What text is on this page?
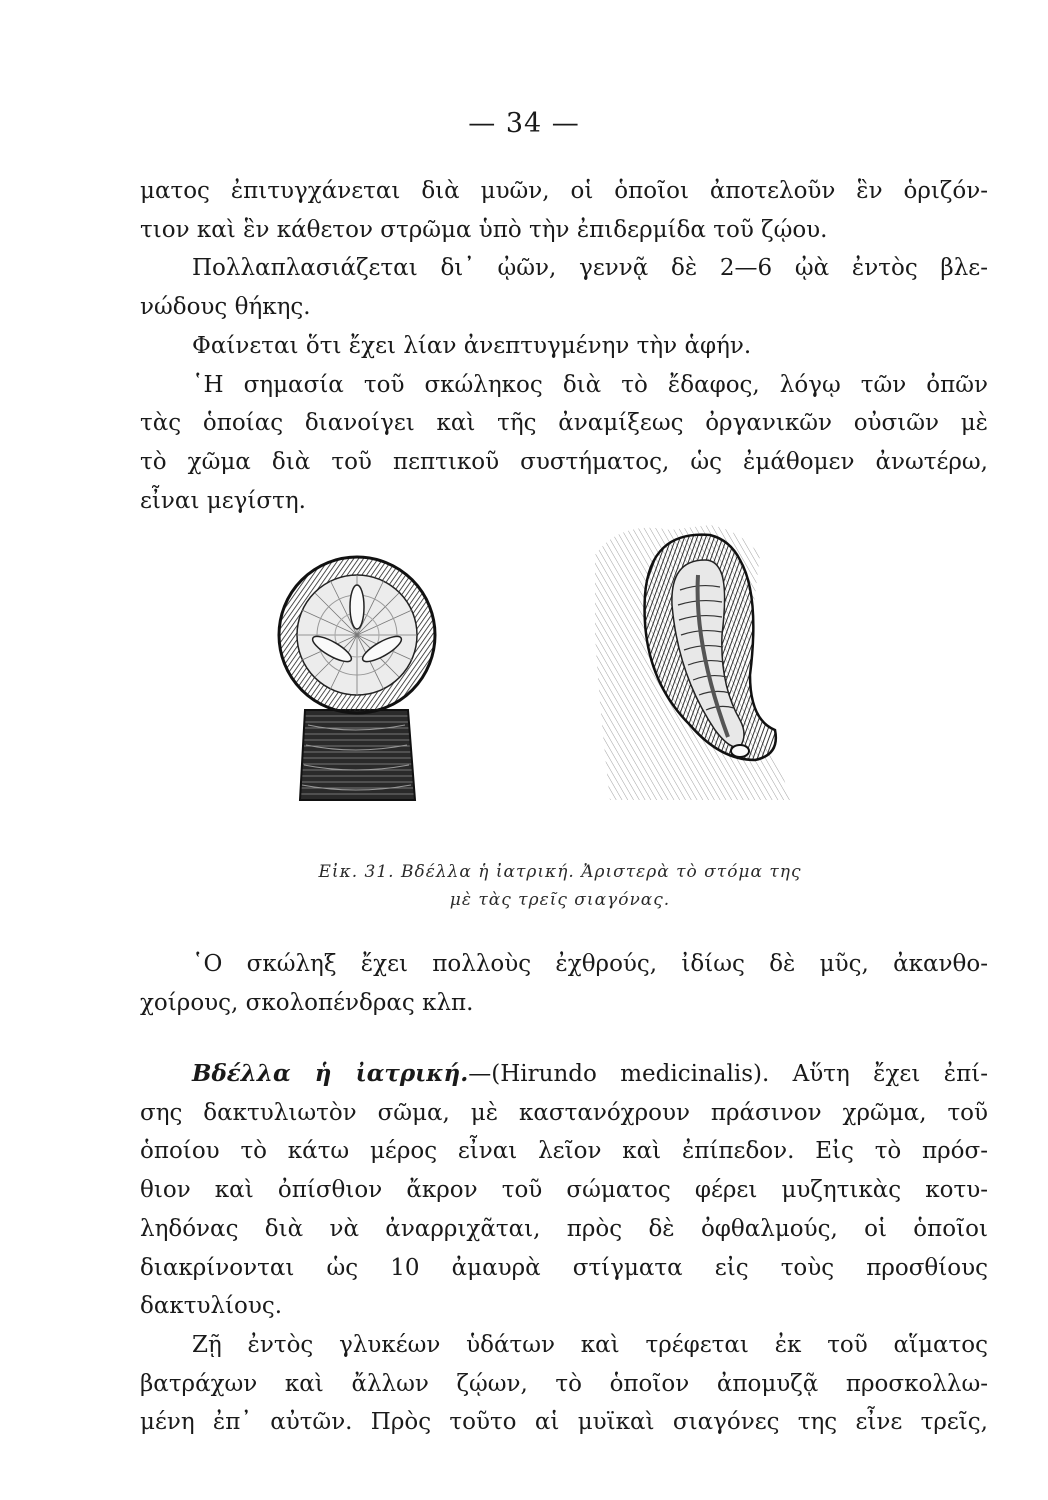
— 34 —
ματος ἐπιτυγχάνεται διὰ μυῶν, οἱ ὁποῖοι ἀποτελοῦν ἓν ὁριζόν-
τιον καὶ ἓν κάθετον στρῶμα ὑπὸ τὴν ἐπιδερμίδα τοῦ ζῴου.
Πολλαπλασιάζεται δι᾿ ᾠῶν, γεννᾷ δὲ 2—6 ᾠὰ ἐντὸς βλε-
νώδους θήκης.
Φαίνεται ὅτι ἔχει λίαν ἀνεπτυγμένην τὴν ἁφήν.
῾Η σημασία τοῦ σκώληκος διὰ τὸ ἔδαφος, λόγῳ τῶν ὀπῶν
τὰς ὁποίας διανοίγει καὶ τῆς ἀναμίξεως ὀργανικῶν οὐσιῶν μὲ
τὸ χῶμα διὰ τοῦ πεπτικοῦ συστήματος, ὡς ἐμάθομεν ἀνωτέρω,
εἶναι μεγίστη.
Εἰκ. 31. Βδέλλα ἡ ἰατρική. Ἀριστερὰ τὸ στόμα της
μὲ τὰς τρεῖς σιαγόνας.
῾Ο σκώληξ ἔχει πολλοὺς ἐχθρούς, ἰδίως δὲ μῦς, ἀκανθο-
χοίρους, σκολοπένδρας κλπ.
Βδέλλα ἡ ἰατρική.—(Hirundo medicinalis). Αὕτη ἔχει ἐπί-
σης δακτυλιωτὸν σῶμα, μὲ καστανόχρουν πράσινον χρῶμα, τοῦ
ὁποίου τὸ κάτω μέρος εἶναι λεῖον καὶ ἐπίπεδον. Εἰς τὸ πρόσ-
θιον καὶ ὀπίσθιον ἄκρον τοῦ σώματος φέρει μυζητικὰς κοτυ-
ληδόνας διὰ νὰ ἀναρριχᾶται, πρὸς δὲ ὀφθαλμούς, οἱ ὁποῖοι
διακρίνονται ὡς 10 ἀμαυρὰ στίγματα εἰς τοὺς προσθίους
δακτυλίους.
Ζῇ ἐντὸς γλυκέων ὑδάτων καὶ τρέφεται ἐκ τοῦ αἵματος
βατράχων καὶ ἄλλων ζῴων, τὸ ὁποῖον ἀπομυζᾷ προσκολλω-
μένη ἐπ᾿ αὐτῶν. Πρὸς τοῦτο αἱ μυϊκαὶ σιαγόνες της εἶνε τρεῖς,
